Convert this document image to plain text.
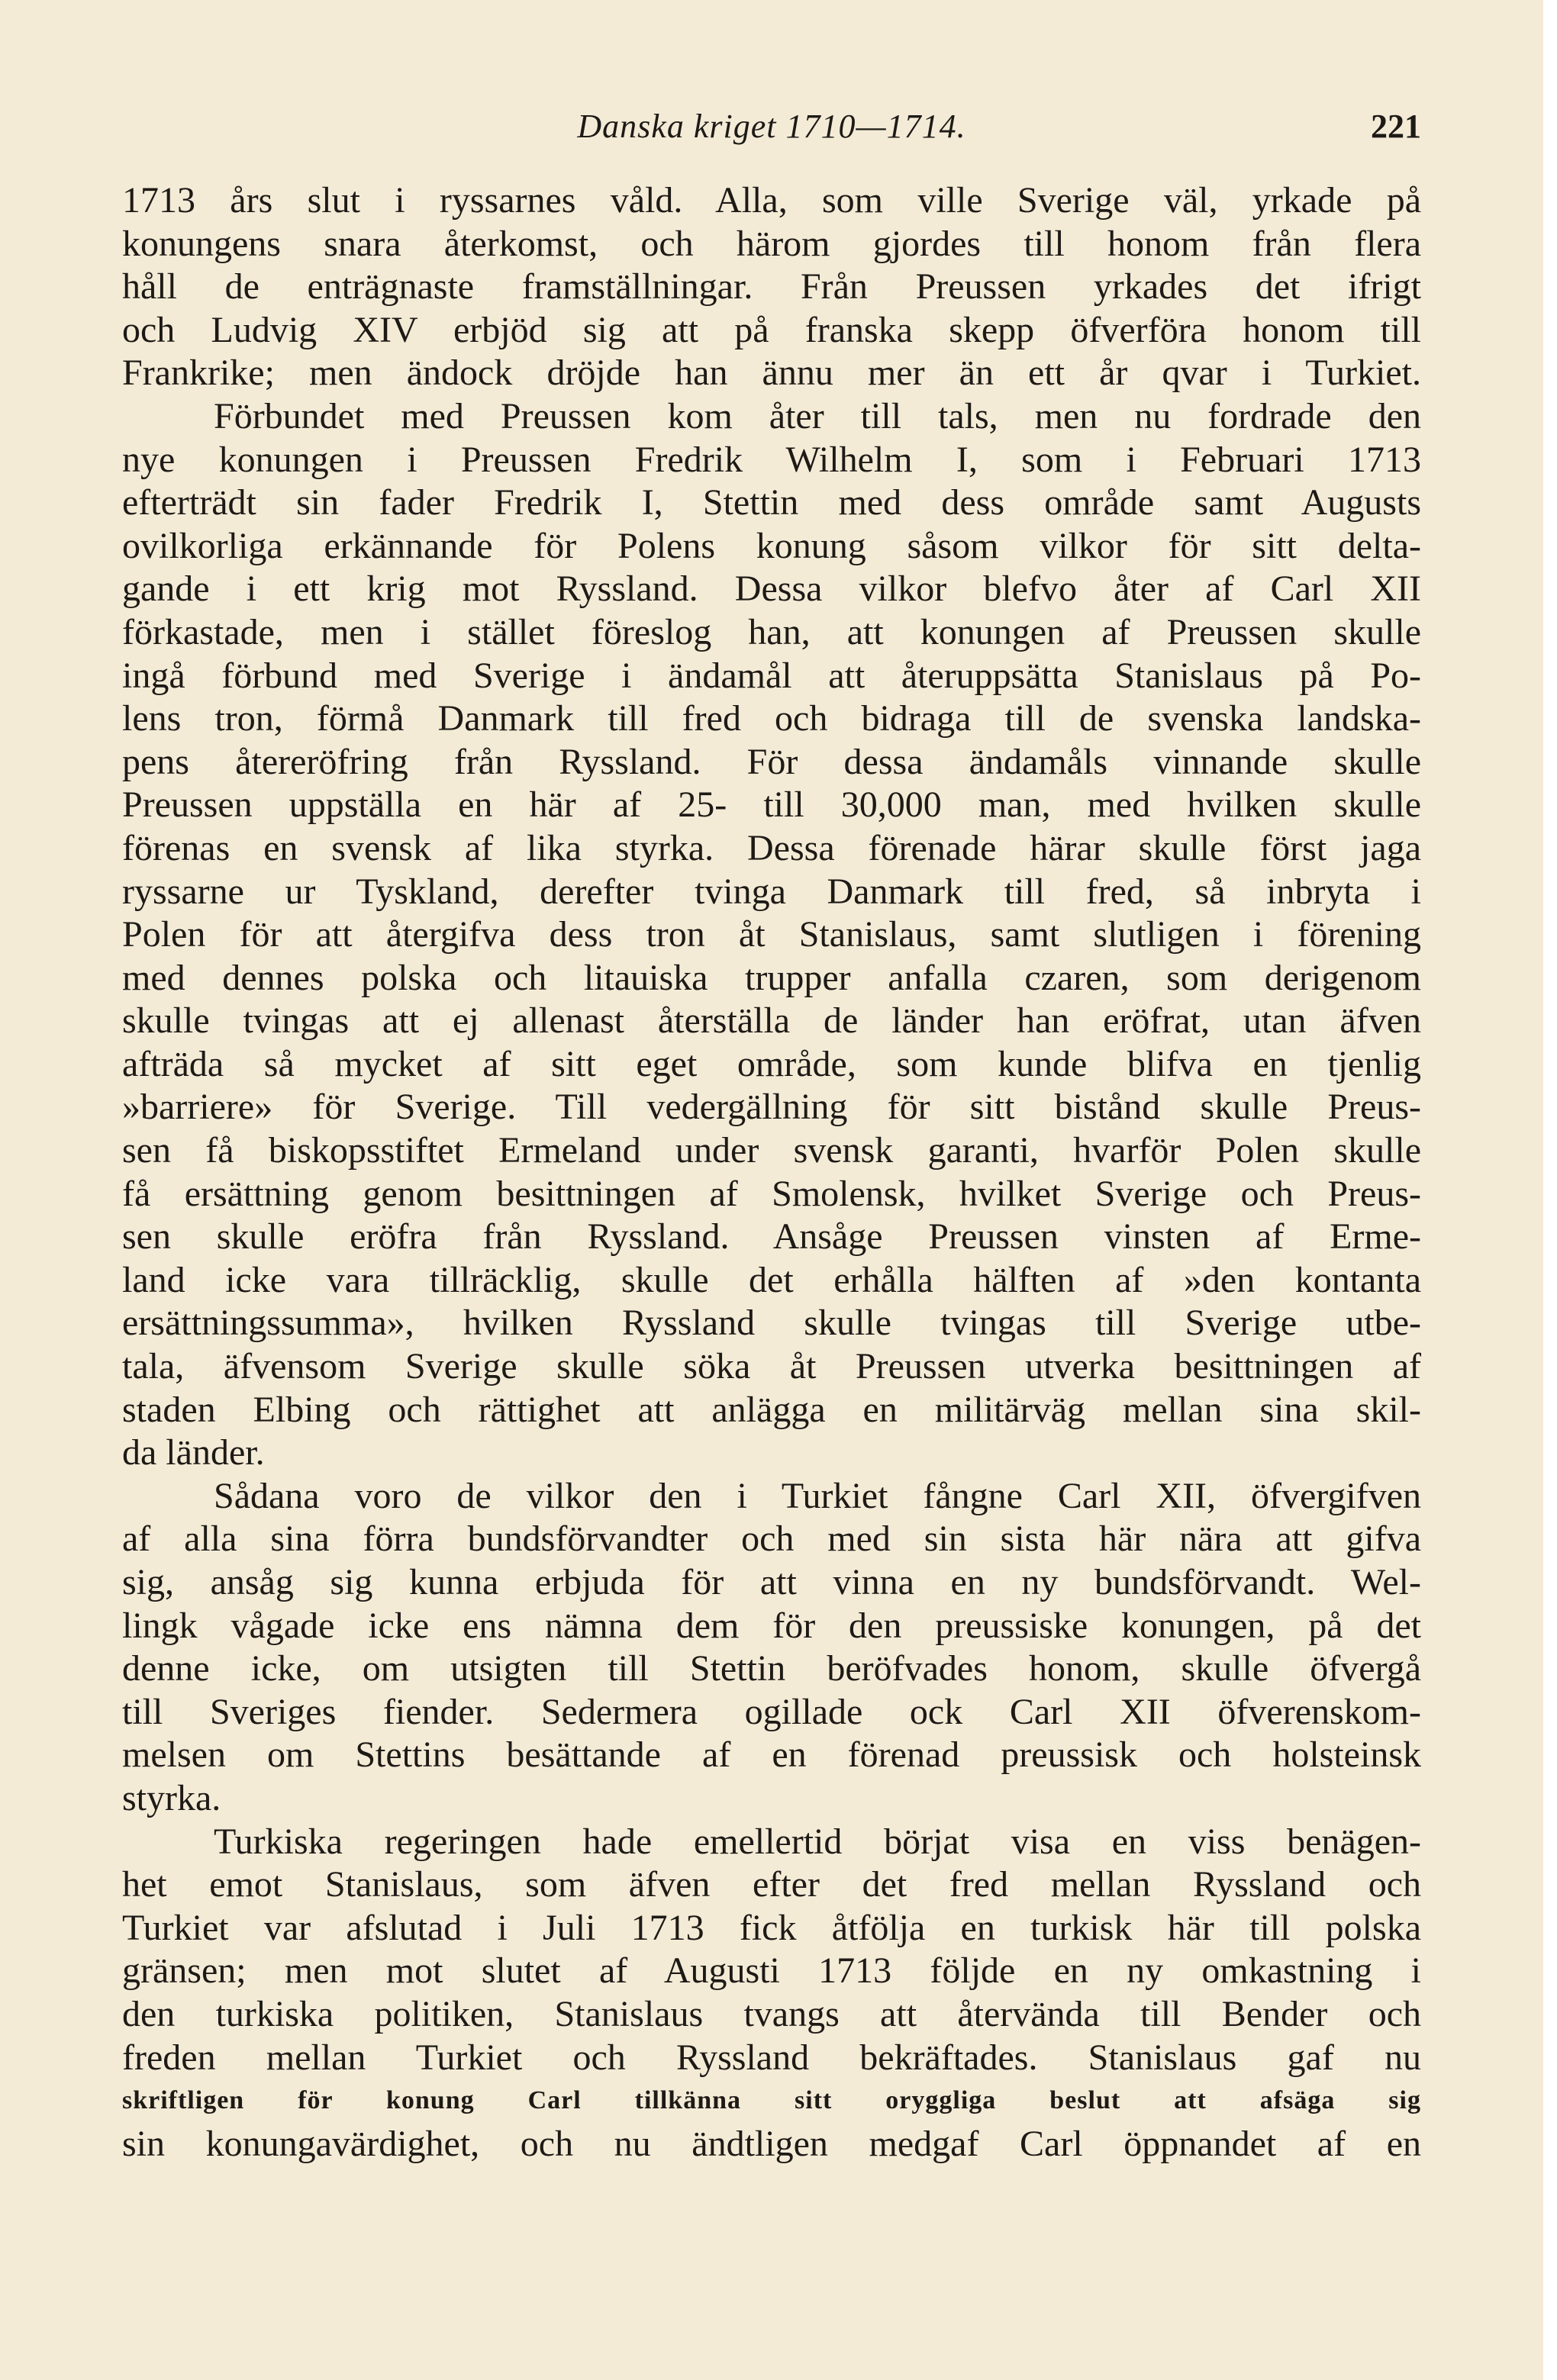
Danska kriget 1710—1714.	221
1713 års slut i ryssarnes våld. Alla, som ville Sverige väl, yrkade på
konungens snara återkomst, och härom gjordes till honom från flera
håll de enträgnaste framställningar. Från Preussen yrkades det ifrigt
och Ludvig XIV erbjöd sig att på franska skepp öfverföra honom till
Frankrike; men ändock dröjde han ännu mer än ett år qvar i Turkiet.
Förbundet med Preussen kom åter till tals, men nu fordrade den
nye konungen i Preussen Fredrik Wilhelm I, som i Februari 1713
efterträdt sin fader Fredrik I, Stettin med dess område samt Augusts
ovilkorliga erkännande för Polens konung såsom vilkor för sitt delta-
gande i ett krig mot Ryssland. Dessa vilkor blefvo åter af Carl XII
förkastade, men i stället föreslog han, att konungen af Preussen skulle
ingå förbund med Sverige i ändamål att återuppsätta Stanislaus på Po-
lens tron, förmå Danmark till fred och bidraga till de svenska landska-
pens återeröfring från Ryssland. För dessa ändamåls vinnande skulle
Preussen uppställa en här af 25- till 30,000 man, med hvilken skulle
förenas en svensk af lika styrka. Dessa förenade härar skulle först jaga
ryssarne ur Tyskland, derefter tvinga Danmark till fred, så inbryta i
Polen för att återgifva dess tron åt Stanislaus, samt slutligen i förening
med dennes polska och litauiska trupper anfalla czaren, som derigenom
skulle tvingas att ej allenast återställa de länder han eröfrat, utan äfven
afträda så mycket af sitt eget område, som kunde blifva en tjenlig
»barriere» för Sverige. Till vedergällning för sitt bistånd skulle Preus-
sen få biskopsstiftet Ermeland under svensk garanti, hvarför Polen skulle
få ersättning genom besittningen af Smolensk, hvilket Sverige och Preus-
sen skulle eröfra från Ryssland. Ansåge Preussen vinsten af Erme-
land icke vara tillräcklig, skulle det erhålla hälften af »den kontanta
ersättningssumma», hvilken Ryssland skulle tvingas till Sverige utbe-
tala, äfvensom Sverige skulle söka åt Preussen utverka besittningen af
staden Elbing och rättighet att anlägga en militärväg mellan sina skil-
da länder.
Sådana voro de vilkor den i Turkiet fångne Carl XII, öfvergifven
af alla sina förra bundsförvandter och med sin sista här nära att gifva
sig, ansåg sig kunna erbjuda för att vinna en ny bundsförvandt. Wel-
lingk vågade icke ens nämna dem för den preussiske konungen, på det
denne icke, om utsigten till Stettin beröfvades honom, skulle öfvergå
till Sveriges fiender. Sedermera ogillade ock Carl XII öfverenskom-
melsen om Stettins besättande af en förenad preussisk och holsteinsk
styrka.
Turkiska regeringen hade emellertid börjat visa en viss benägen-
het emot Stanislaus, som äfven efter det fred mellan Ryssland och
Turkiet var afslutad i Juli 1713 fick åtfölja en turkisk här till polska
gränsen; men mot slutet af Augusti 1713 följde en ny omkastning i
den turkiska politiken, Stanislaus tvangs att återvända till Bender och
freden mellan Turkiet och Ryssland bekräftades. Stanislaus gaf nu
skriftligen för konung Carl tillkänna sitt oryggliga beslut att afsäga sig
sin konungavärdighet, och nu ändtligen medgaf Carl öppnandet af en
